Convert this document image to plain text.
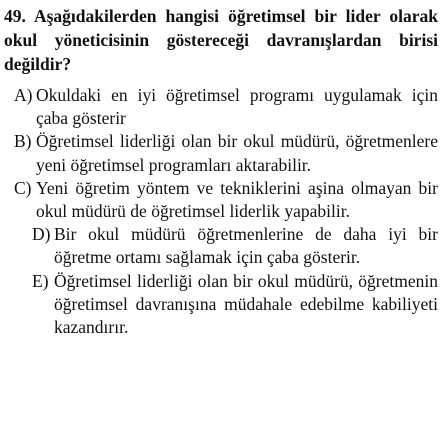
49. Aşağıdakilerden hangisi öğretimsel bir lider olarak okul yöneticisinin göstereceği davranışlardan birisi değildir?

A) Okuldaki en iyi öğretimsel programı uygulamak için çaba gösterir
B) Öğretimsel liderliği olan bir okul müdürü, öğretmenlere yeni öğretimsel programları aktarabilir.
C) Yeni öğretim yöntem ve tekniklerini aşina olmayan bir okul müdürü de öğretimsel liderlik yapabilir.
D) Bir okul müdürü öğretmenlerine de daha iyi bir öğretme ortamı sağlamak için çaba gösterir.
E) Öğretimsel liderliği olan bir okul müdürü, öğretmenin öğretimsel davranışına müdahale edebilme kabiliyeti kazandırır.
